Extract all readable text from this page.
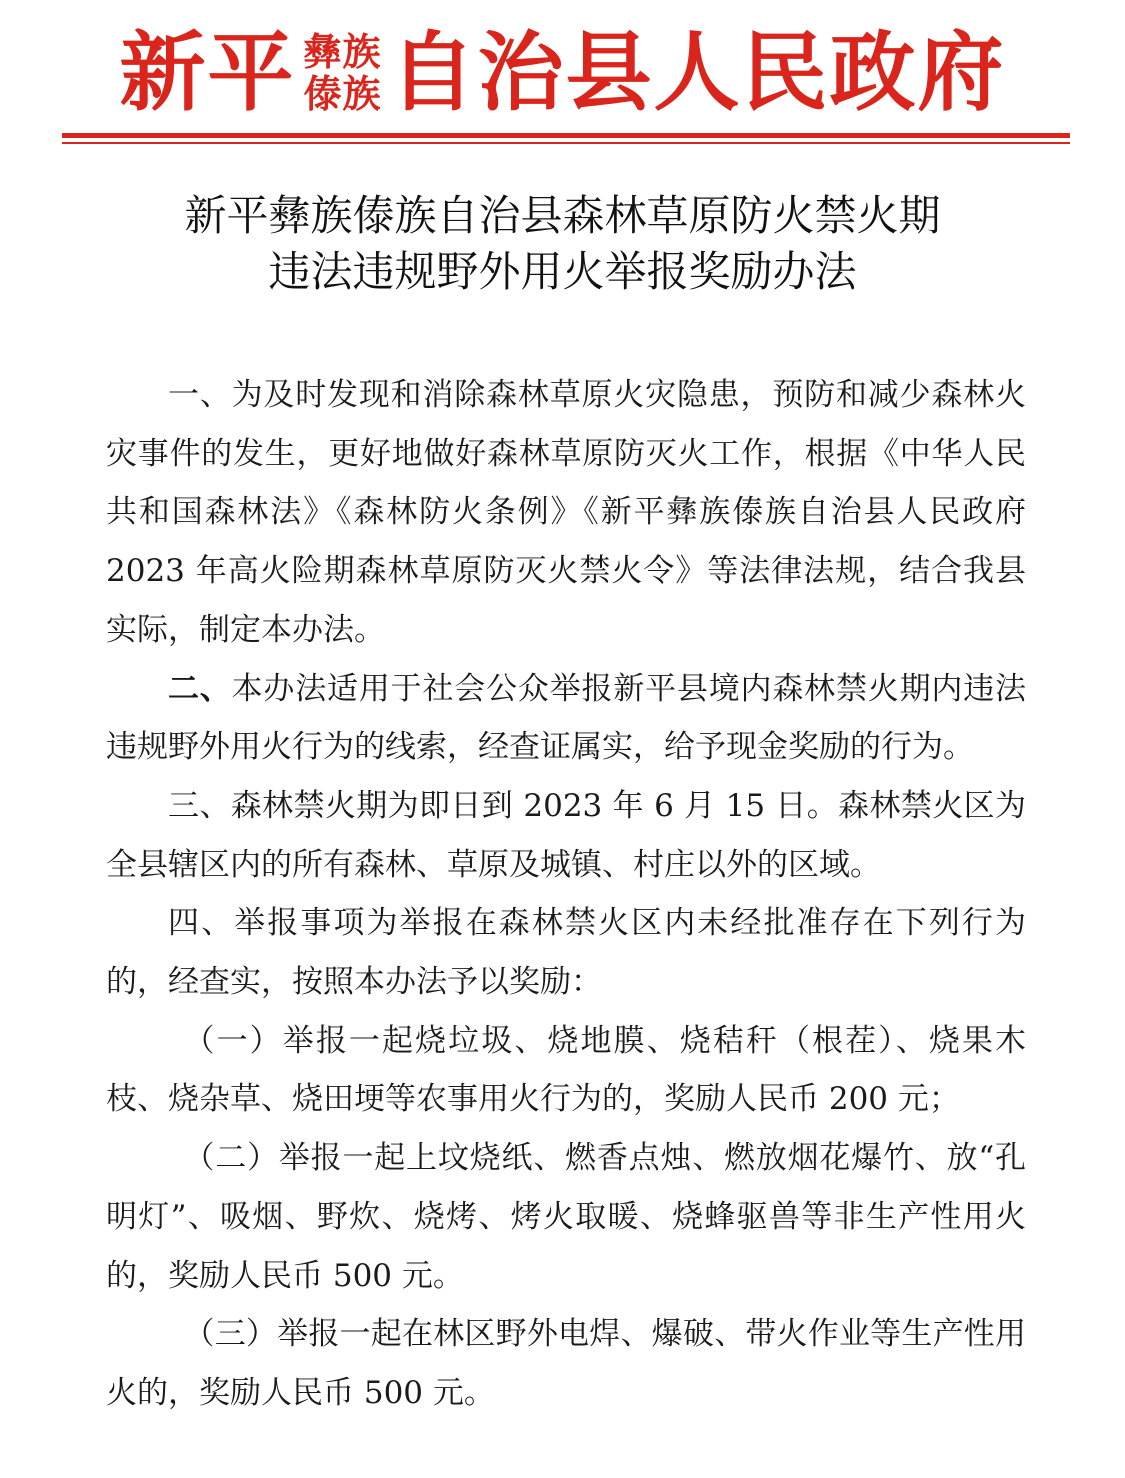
新平 彝族
傣族 自治县人民政府
新平彝族傣族自治县森林草原防火禁火期
违法违规野外用火举报奖励办法

一、为及时发现和消除森林草原火灾隐患，预防和减少森林火灾事件的发生，更好地做好森林草原防灭火工作，根据《中华人民共和国森林法》《森林防火条例》《新平彝族傣族自治县人民政府 2023 年高火险期森林草原防灭火禁火令》等法律法规，结合我县实际，制定本办法。

二、本办法适用于社会公众举报新平县境内森林禁火期内违法违规野外用火行为的线索，经查证属实，给予现金奖励的行为。

三、森林禁火期为即日到 2023 年 6 月 15 日。森林禁火区为全县辖区内的所有森林、草原及城镇、村庄以外的区域。

四、举报事项为举报在森林禁火区内未经批准存在下列行为的，经查实，按照本办法予以奖励：

（一）举报一起烧垃圾、烧地膜、烧秸秆（根茬）、烧果木枝、烧杂草、烧田埂等农事用火行为的，奖励人民币 200 元；

（二）举报一起上坟烧纸、燃香点烛、燃放烟花爆竹、放“孔明灯”、吸烟、野炊、烧烤、烤火取暖、烧蜂驱兽等非生产性用火的，奖励人民币 500 元。

（三）举报一起在林区野外电焊、爆破、带火作业等生产性用火的，奖励人民币 500 元。
